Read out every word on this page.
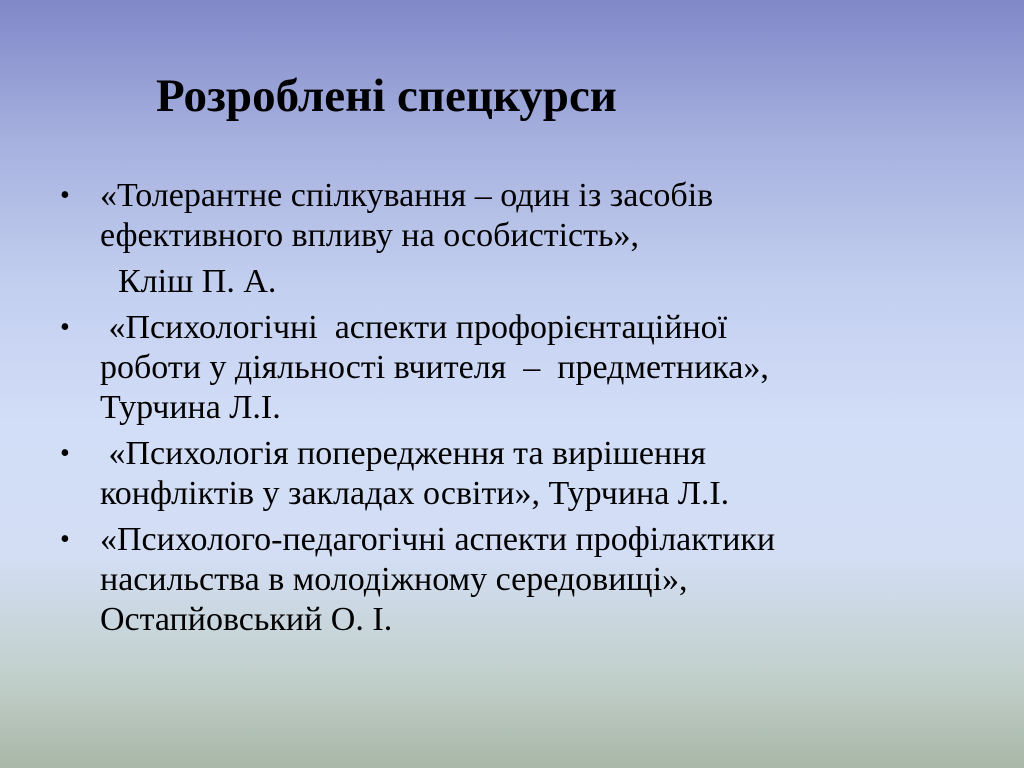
Розроблені спецкурси
• «Толерантне спілкування – один із засобів
ефективного впливу на особистість»,
Кліш П. А.
• «Психологічні  аспекти профорієнтаційної
роботи у діяльності вчителя  –  предметника»,
Турчина Л.І.
• «Психологія попередження та вирішення
конфліктів у закладах освіти», Турчина Л.І.
• «Психолого-педагогічні аспекти профілактики
насильства в молодіжному середовищі»,
Остапйовський О. І.
